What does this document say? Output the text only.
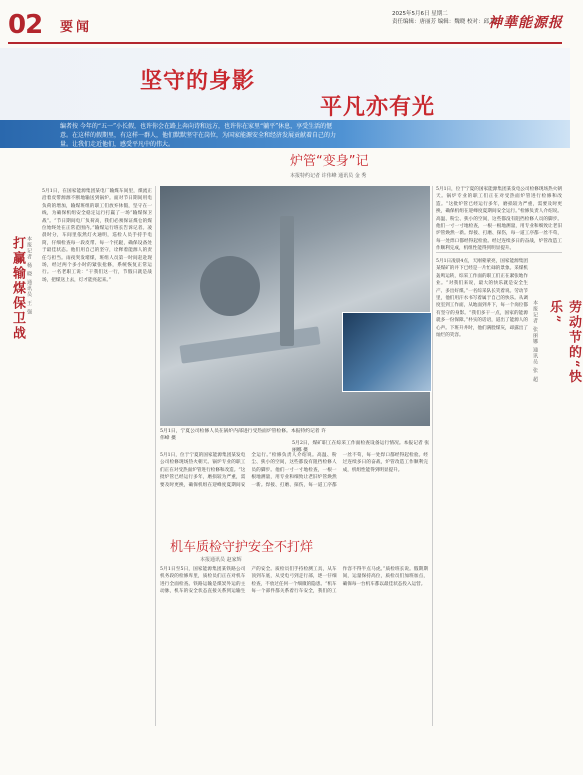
02 要闻
2025年5月6日 星期二
责任编辑：唐丽芳 编辑：魏晓 校对：邱 维
神華能源报
坚守的身影
平凡亦有光
编者按 今年的“五一”小长假，也许你会在路上奔向诗和远方，也许你在家里“躺平”休息，享受生活的惬意。在这样的假期里，有这样一群人，他们默默坚守在岗位，为国家能源安全和经济发展贡献着自己的力量。让我们走近他们，感受平凡中的伟大。
打赢输煤保卫战 本报记者 杨 晓 通讯员 王 强
5月1日，在国家能源集团某电厂输煤车间里，煤流正沿着皮带源源不断地输送到锅炉。面对节日期间用电负荷的增加，输煤班组的职工们放弃休假，坚守在一线，为确保机组安全稳定运行打赢了一场“输煤保卫战”。“节日期间电厂负荷高，我们必须保证煤仓的煤位始终处在正常范围内。”输煤运行班长告诉记者。凌晨时分，车间里依然灯火通明，巡检人员手持手电筒，仔细检查每一段皮带、每一个托辊，确保设备处于最佳状态。他们用自己的坚守，诠释着能源人的责任与担当。雨夜突发堵煤，班组人员第一时间赶赴现场，经过两个多小时的紧张抢修，系统恢复正常运行。一名老职工说：“干我们这一行，节假日就是战场，把煤送上去，灯才能亮起来。”
炉管“变身”记
本报特约记者 许伟峰 通讯员 金 秀
5月1日，宁夏公司检修人员在锅炉内部进行受热面炉管检修。本报特约记者 许伟峰 摄
5月2日，煤矿职工在综采工作面检查设备运行情况。本报记者 张丽娜 摄
5月1日，位于宁夏的国家能源集团某发电公司检修现场热火朝天。锅炉专业的职工们正在对受热面炉管进行检修和改造。“这批炉管已经运行多年，磨损较为严重，需要及时更换，确保机组在迎峰度夏期间安全运行。”检修负责人介绍说。高温、粉尘、狭小的空间，这些都没有阻挡检修人员的脚步。他们一寸一寸地检查，一根一根地测量，用专业和细致让老旧炉管焕然一新。焊接、打磨、探伤，每一道工序都一丝不苟，每一处焊口都经得起检验。经过连续多日的奋战，炉管改造工作顺利完成，机组性能得到明显提升。
劳动节的“快乐”
本报记者 张丽娜 通讯员 张 超
5月1日凌晨4点，天刚蒙蒙亮，国家能源集团某煤矿的井下已经是一片忙碌的景象。采煤机轰鸣运转，综采工作面的职工们正在紧张地作业。“对我们来说，最大的快乐就是安全生产、多出好煤。”一名综采队长笑着说。劳动节里，他们用汗水书写着属于自己的快乐。从调度室到工作面，从地面到井下，每一个岗位都有坚守的身影。“我们多干一点，国家的能源就多一份保障。”朴实的话语，道出了能源人的心声。下班升井时，他们满脸煤灰，却露出了灿烂的笑容。
机车质检守护安全不打烊
本报通讯员 赵家辉
5月1日至5日，国家能源集团某铁路公司机务段的检修库里，质检员们正在对机车进行全面检查。铁路运输是煤炭外运的主动脉，机车的安全状态直接关系到运输生产的安全。质检员们手持检测工具，从车顶到车底，从受电弓到走行部，逐一仔细检查，不放过任何一个细微的隐患。“机车每一个部件都关系着行车安全，我们的工作容不得半点马虎。”质检班长说。假期期间，运量保持高位，质检员们加班加点，确保每一台机车都以最佳状态投入运营。
5月1日，位于宁夏的国家能源集团某发电公司检修现场热火朝天。锅炉专业的职工们正在对受热面炉管进行检修和改造。“这批炉管已经运行多年，磨损较为严重，需要及时更换，确保机组在迎峰度夏期间安全运行。”检修负责人介绍说。高温、粉尘、狭小的空间，这些都没有阻挡检修人员的脚步。他们一寸一寸地检查，一根一根地测量，用专业和细致让老旧炉管焕然一新。焊接、打磨、探伤，每一道工序都一丝不苟，每一处焊口都经得起检验。经过连续多日的奋战，炉管改造工作顺利完成，机组性能得到明显提升。
